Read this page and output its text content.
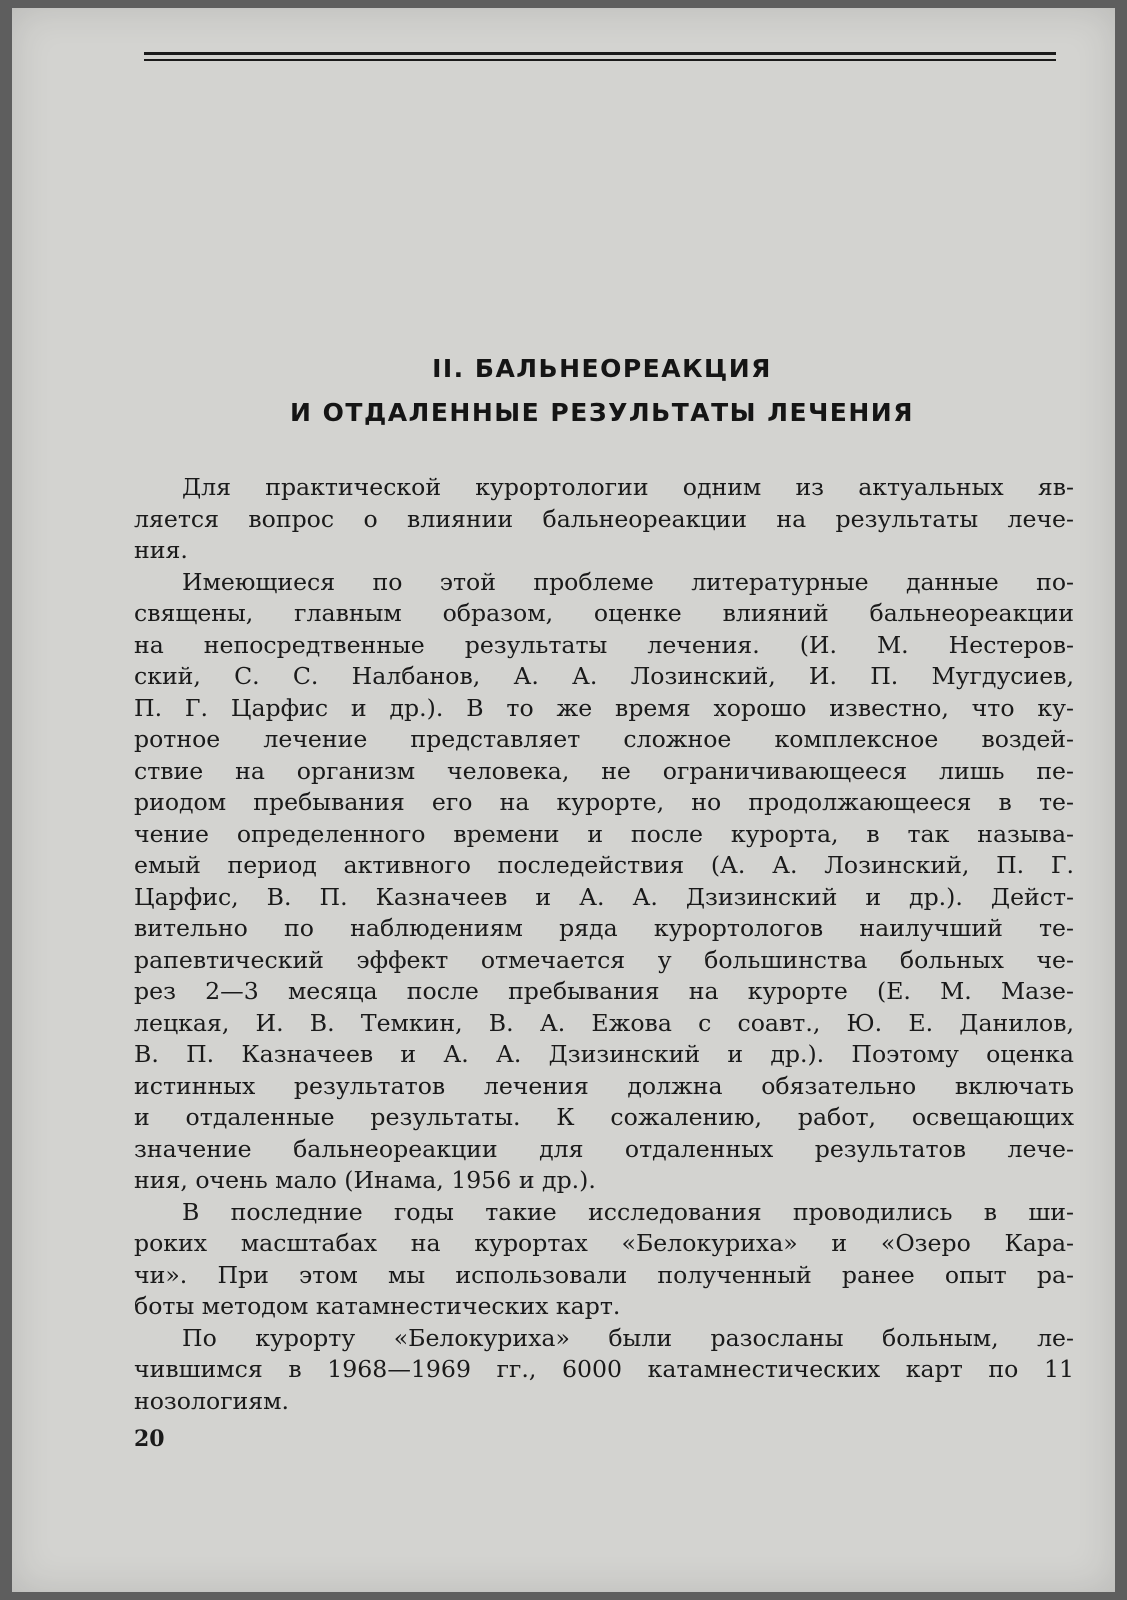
II. БАЛЬНЕОРЕАКЦИЯ
И ОТДАЛЕННЫЕ РЕЗУЛЬТАТЫ ЛЕЧЕНИЯ

Для практической курортологии одним из актуальных яв-
ляется вопрос о влиянии бальнеореакции на результаты лече-
ния.

Имеющиеся по этой проблеме литературные данные по-
священы, главным образом, оценке влияний бальнеореакции
на непосредтвенные результаты лечения. (И. М. Нестеров-
ский, С. С. Налбанов, А. А. Лозинский, И. П. Мугдусиев,
П. Г. Царфис и др.). В то же время хорошо известно, что ку-
ротное лечение представляет сложное комплексное воздей-
ствие на организм человека, не ограничивающееся лишь пе-
риодом пребывания его на курорте, но продолжающееся в те-
чение определенного времени и после курорта, в так называ-
емый период активного последействия (А. А. Лозинский, П. Г.
Царфис, В. П. Казначеев и А. А. Дзизинский и др.). Дейст-
вительно по наблюдениям ряда курортологов наилучший те-
рапевтический эффект отмечается у большинства больных че-
рез 2—3 месяца после пребывания на курорте (Е. М. Мазе-
лецкая, И. В. Темкин, В. А. Ежова с соавт., Ю. Е. Данилов,
В. П. Казначеев и А. А. Дзизинский и др.). Поэтому оценка
истинных результатов лечения должна обязательно включать
и отдаленные результаты. К сожалению, работ, освещающих
значение бальнеореакции для отдаленных результатов лече-
ния, очень мало (Инама, 1956 и др.).

В последние годы такие исследования проводились в ши-
роких масштабах на курортах «Белокуриха» и «Озеро Кара-
чи». При этом мы использовали полученный ранее опыт ра-
боты методом катамнестических карт.

По курорту «Белокуриха» были разосланы больным, ле-
чившимся в 1968—1969 гг., 6000 катамнестических карт по 11
нозологиям.

20
